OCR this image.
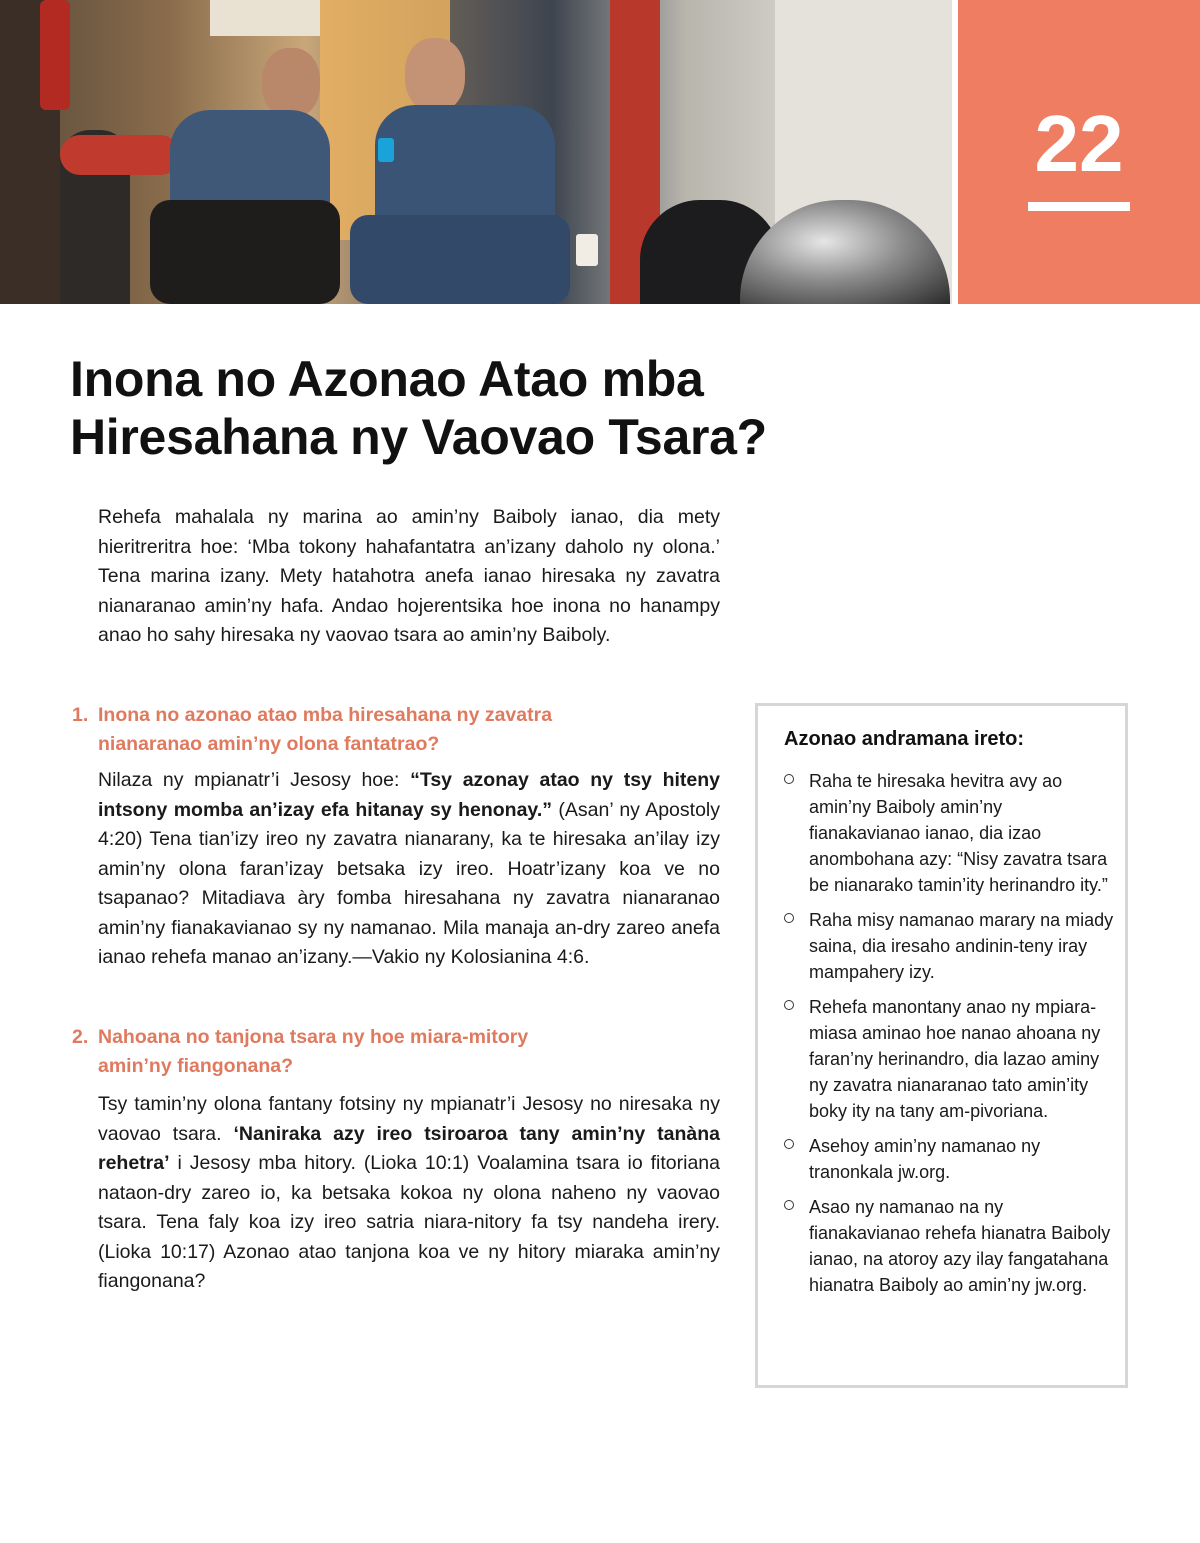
22
Inona no Azonao Atao mba
Hiresahana ny Vaovao Tsara?

Rehefa mahalala ny marina ao amin’ny Baiboly ianao, dia mety hieritreritra hoe: ‘Mba tokony hahafantatra an’izany daholo ny olona.’ Tena marina izany. Mety hatahotra anefa ianao hiresaka ny zavatra nianaranao amin’ny hafa. Andao hojerentsika hoe inona no hanampy anao ho sahy hiresaka ny vaovao tsara ao amin’ny Baiboly.

1. Inona no azonao atao mba hiresahana ny zavatra
nianaranao amin’ny olona fantatrao?

Nilaza ny mpianatr’i Jesosy hoe: “Tsy azonay atao ny tsy hiteny intsony momba an’izay efa hitanay sy henonay.” (Asan’ ny Apostoly 4:20) Tena tian’izy ireo ny zavatra nianarany, ka te hiresaka an’ilay izy amin’ny olona faran’izay betsaka izy ireo. Hoatr’izany koa ve no tsapanao? Mitadiava àry fomba hiresahana ny zavatra nianaranao amin’ny fianakavianao sy ny namanao. Mila manaja an-dry zareo anefa ianao rehefa manao an’izany.—Vakio ny Kolosianina 4:6.

2. Nahoana no tanjona tsara ny hoe miara-mitory
amin’ny fiangonana?

Tsy tamin’ny olona fantany fotsiny ny mpianatr’i Jesosy no niresaka ny vaovao tsara. ‘Naniraka azy ireo tsiroaroa tany amin’ny tanàna rehetra’ i Jesosy mba hitory. (Lioka 10:1) Voalamina tsara io fitoriana nataon-dry zareo io, ka betsaka kokoa ny olona naheno ny vaovao tsara. Tena faly koa izy ireo satria niara-nitory fa tsy nandeha irery. (Lioka 10:17) Azonao atao tanjona koa ve ny hitory miaraka amin’ny fiangonana?

Azonao andramana ireto:

Raha te hiresaka hevitra avy ao amin’ny Baiboly amin’ny fianakavianao ianao, dia izao anombohana azy: “Nisy zavatra tsara be nianarako tamin’ity herinandro ity.”
Raha misy namanao marary na miady saina, dia iresaho andinin-teny iray mampahery izy.
Rehefa manontany anao ny mpiara-miasa aminao hoe nanao ahoana ny faran’ny herinandro, dia lazao aminy ny zavatra nianaranao tato amin’ity boky ity na tany am-pivoriana.
Asehoy amin’ny namanao ny tranonkala jw.org.
Asao ny namanao na ny fianakavianao rehefa hianatra Baiboly ianao, na atoroy azy ilay fangatahana hianatra Baiboly ao amin’ny jw.org.
